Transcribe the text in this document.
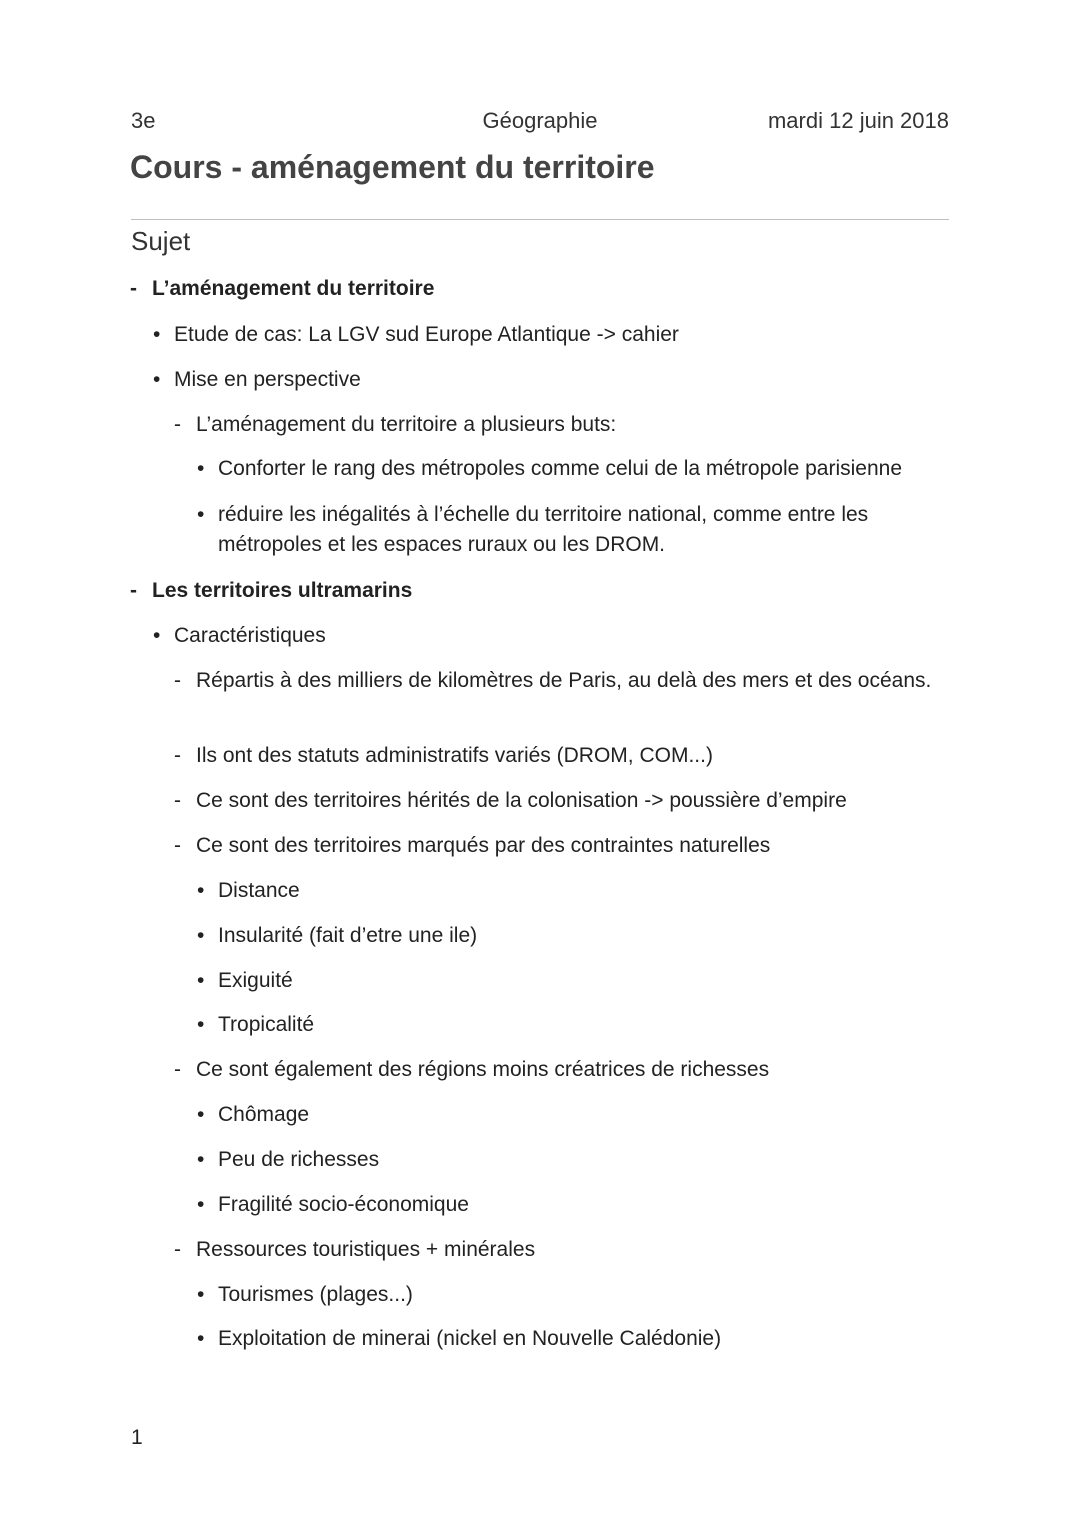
Géographie
3e	mardi 12 juin 2018
Cours - aménagement du territoire
Sujet
- L’aménagement du territoire
• Etude de cas: La LGV sud Europe Atlantique -> cahier
• Mise en perspective
- L’aménagement du territoire a plusieurs buts:
• Conforter le rang des métropoles comme celui de la métropole parisienne
• réduire les inégalités à l’échelle du territoire national, comme entre les métropoles et les espaces ruraux ou les DROM.
- Les territoires ultramarins
• Caractéristiques
- Répartis à des milliers de kilomètres de Paris, au delà des mers et des océans.
- Ils ont des statuts administratifs variés (DROM, COM...)
- Ce sont des territoires hérités de la colonisation -> poussière d’empire
- Ce sont des territoires marqués par des contraintes naturelles
• Distance
• Insularité (fait d’etre une ile)
• Exiguité
• Tropicalité
- Ce sont également des régions moins créatrices de richesses
• Chômage
• Peu de richesses
• Fragilité socio-économique
- Ressources touristiques + minérales
• Tourismes (plages...)
• Exploitation de minerai (nickel en Nouvelle Calédonie)
1
